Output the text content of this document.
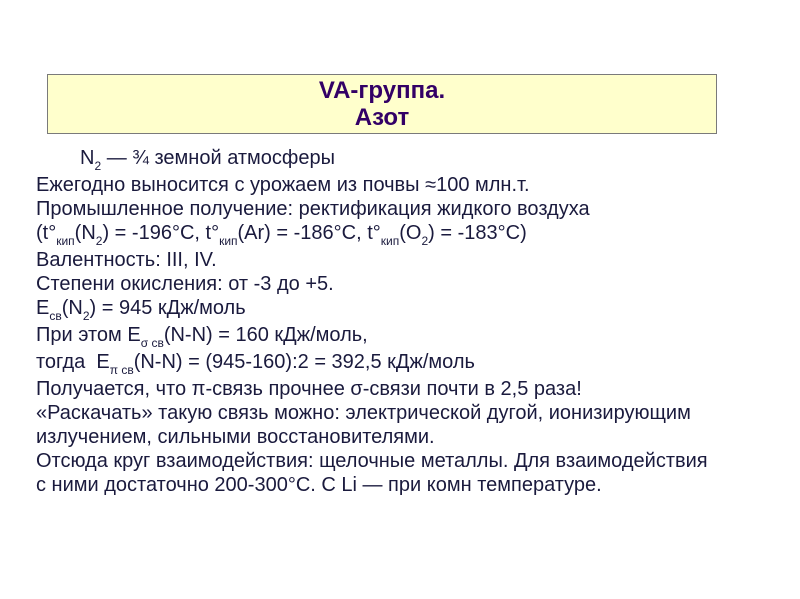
VA-группа.
Азот
$N_2$ — ¾ земной атмосферы
Ежегодно выносится с урожаем из почвы ≈100 млн.т.
Промышленное получение: ректификация жидкого воздуха
($t^\circ_{кип}(N_2) = -196^\circ C$, $t^\circ_{кип}(Ar) = -186^\circ C$, $t^\circ_{кип}(O_2) = -183^\circ C$)
Валентность: III, IV.
Степени окисления: от -3 до +5.
$E_{св}(N_2) = 945$ кДж/моль
При этом $E_{\sigma св}(N-N) = 160$ кДж/моль,
тогда  $E_{\pi св}(N-N)$ = (945-160):2 = 392,5 кДж/моль
Получается, что π-связь прочнее σ-связи почти в 2,5 раза!
«Раскачать» такую связь можно: электрической дугой, ионизирующим
излучением, сильными восстановителями.
Отсюда круг взаимодействия: щелочные металлы. Для взаимодействия
с ними достаточно 200-300°С. С Li — при комн температуре.
